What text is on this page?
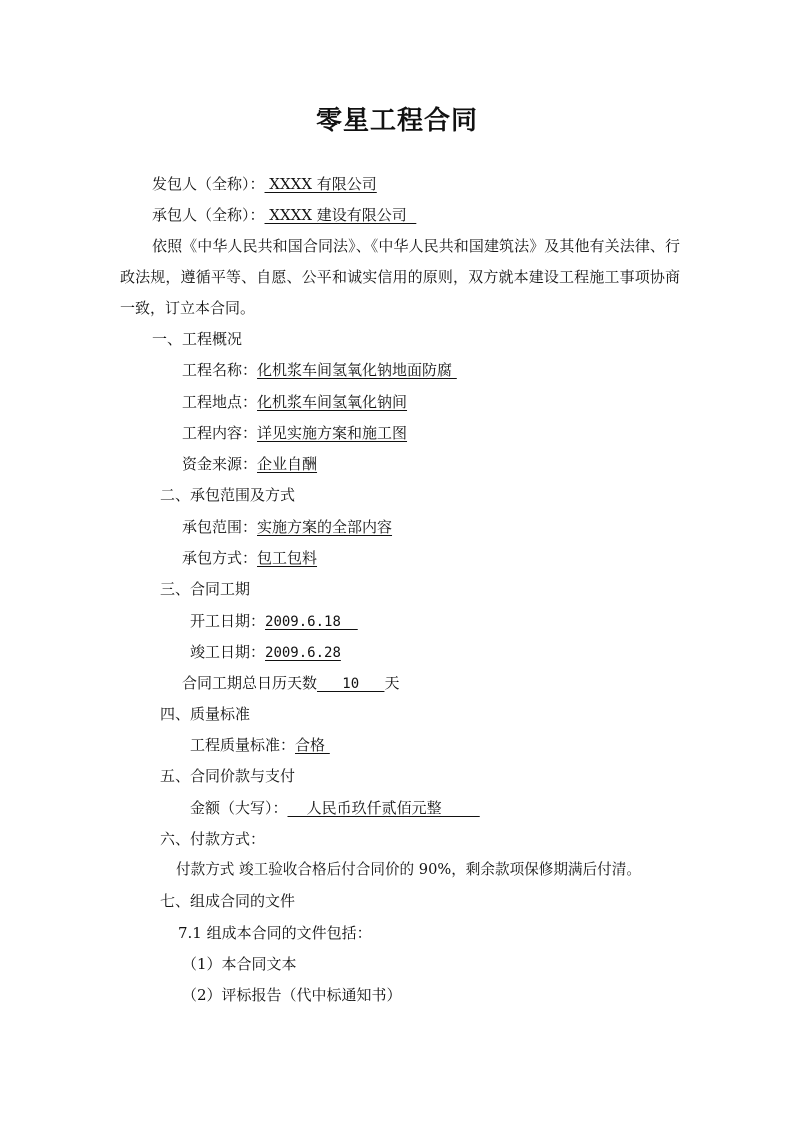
零星工程合同
发包人（全称）： XXXX 有限公司
承包人（全称）： XXXX 建设有限公司
依照《中华人民共和国合同法》、《中华人民共和国建筑法》及其他有关法律、行政法规，遵循平等、自愿、公平和诚实信用的原则，双方就本建设工程施工事项协商一致，订立本合同。
一、工程概况
工程名称：化机浆车间氢氧化钠地面防腐
工程地点：化机浆车间氢氧化钠间
工程内容：详见实施方案和施工图
资金来源：企业自酬
二、承包范围及方式
承包范围：实施方案的全部内容
承包方式：包工包料
三、合同工期
开工日期：2009.6.18
竣工日期：2009.6.28
合同工期总日历天数   10   天
四、质量标准
工程质量标准：合格
五、合同价款与支付
金额（大写）：    人民币玖仟贰佰元整
六、付款方式：
付款方式 竣工验收合格后付合同价的 90%，剩余款项保修期满后付清。
七、组成合同的文件
7.1 组成本合同的文件包括：
（1）本合同文本
（2）评标报告（代中标通知书）
